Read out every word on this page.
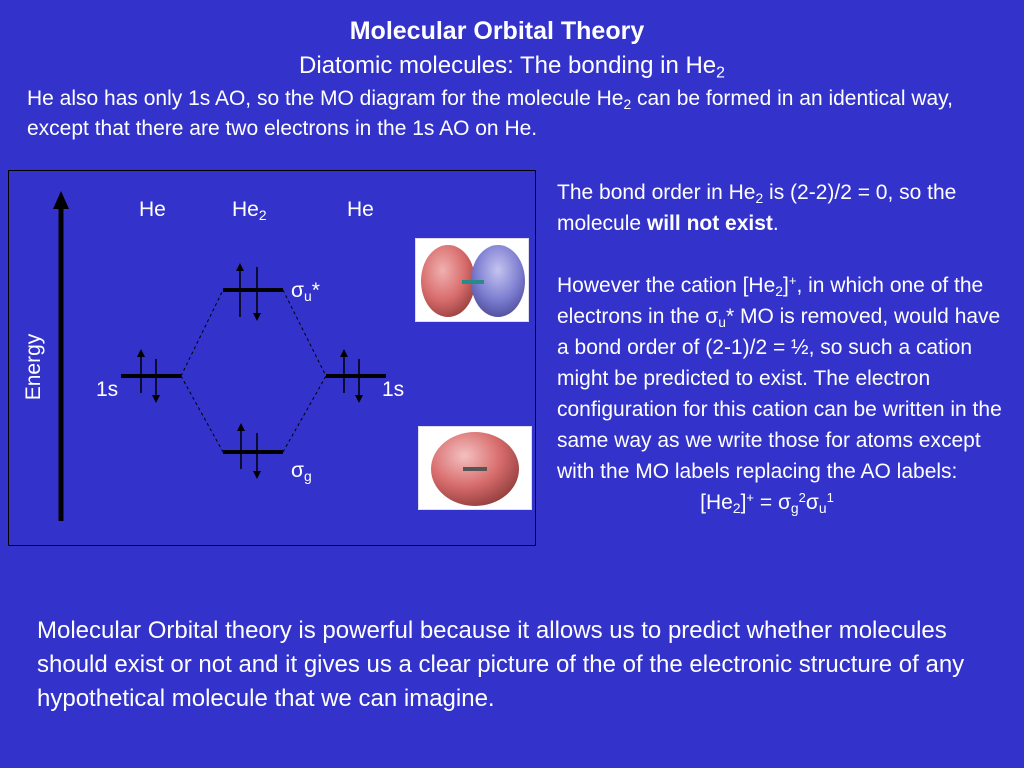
Molecular Orbital Theory
Diatomic molecules: The bonding in $He_2$
He also has only 1s AO, so the MO diagram for the molecule $He_2$ can be formed in an identical way, except that there are two electrons in the 1s AO on He.
Energy
He	$He_2$	He
$\sigma_u*$
$\sigma_g$
1s	1s

The bond order in $He_2$ is (2-2)/2 = 0, so the molecule will not exist.

However the cation $[He_2]^+$, in which one of the electrons in the $\sigma_u*$ MO is removed, would have a bond order of (2-1)/2 = ½, so such a cation might be predicted to exist. The electron configuration for this cation can be written in the same way as we write those for atoms except with the MO labels replacing the AO labels:

$[He_2]^+ = \sigma_g^2\sigma_u^1$

Molecular Orbital theory is powerful because it allows us to predict whether molecules should exist or not and it gives us a clear picture of the of the electronic structure of any hypothetical molecule that we can imagine.
